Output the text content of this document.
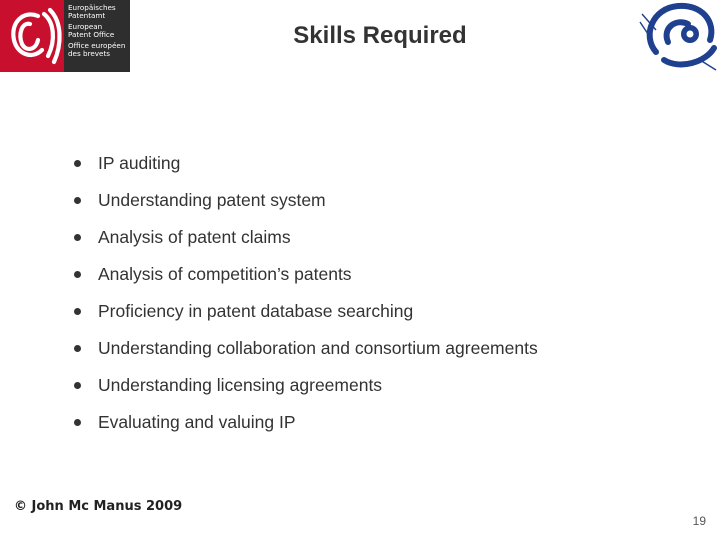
Europäisches
Patentamt
European
Patent Office
Office européen
des brevets
Skills Required
IP auditing
Understanding patent system
Analysis of patent claims
Analysis of competition’s patents
Proficiency in patent database searching
Understanding collaboration and consortium agreements
Understanding licensing agreements
Evaluating and valuing IP
© John Mc Manus 2009
19
